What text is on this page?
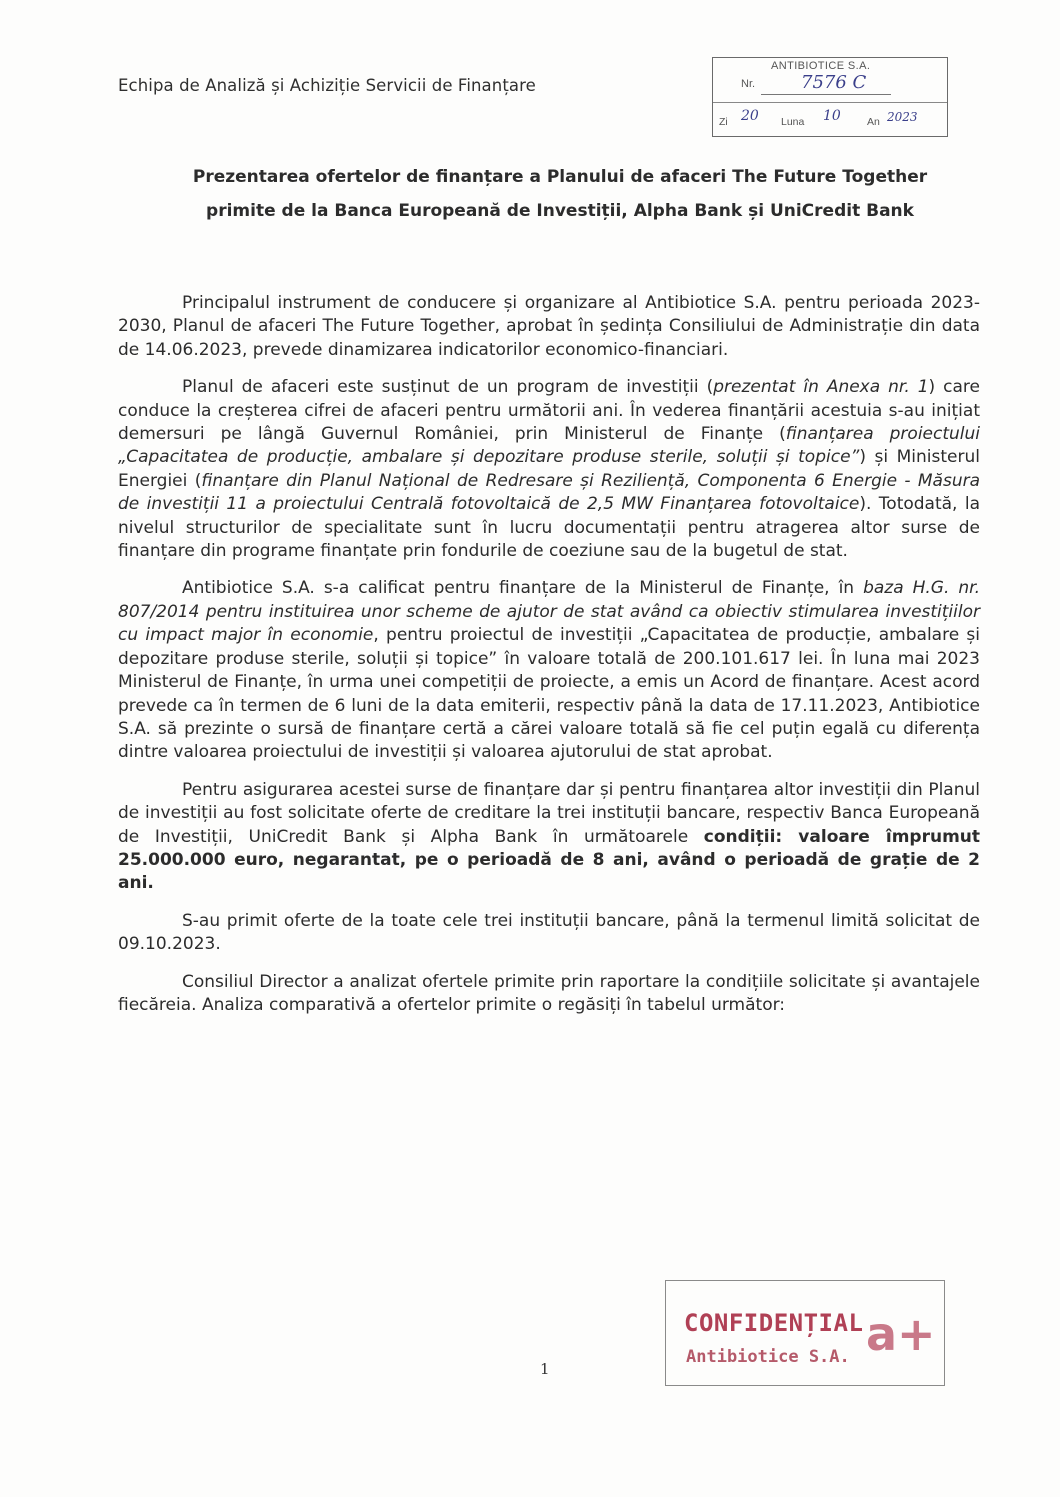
Echipa de Analiză și Achiziție Servicii de Finanțare
ANTIBIOTICE S.A.
Nr.	7576 C
Zi 20 Luna 10 An 2023
Prezentarea ofertelor de finanțare a Planului de afaceri The Future Together
primite de la Banca Europeană de Investiții, Alpha Bank și UniCredit Bank

Principalul instrument de conducere și organizare al Antibiotice S.A. pentru perioada 2023-2030, Planul de afaceri The Future Together, aprobat în ședința Consiliului de Administrație din data de 14.06.2023, prevede dinamizarea indicatorilor economico-financiari.

Planul de afaceri este susținut de un program de investiții (prezentat în Anexa nr. 1) care conduce la creșterea cifrei de afaceri pentru următorii ani. În vederea finanțării acestuia s-au inițiat demersuri pe lângă Guvernul României, prin Ministerul de Finanțe (finanțarea proiectului „Capacitatea de producție, ambalare și depozitare produse sterile, soluții și topice”) și Ministerul Energiei (finanțare din Planul Național de Redresare și Reziliență, Componenta 6 Energie - Măsura de investiții 11 a proiectului Centrală fotovoltaică de 2,5 MW Finanțarea fotovoltaice). Totodată, la nivelul structurilor de specialitate sunt în lucru documentații pentru atragerea altor surse de finanțare din programe finanțate prin fondurile de coeziune sau de la bugetul de stat.

Antibiotice S.A. s-a calificat pentru finanțare de la Ministerul de Finanțe, în baza H.G. nr. 807/2014 pentru instituirea unor scheme de ajutor de stat având ca obiectiv stimularea investițiilor cu impact major în economie, pentru proiectul de investiții „Capacitatea de producție, ambalare și depozitare produse sterile, soluții și topice” în valoare totală de 200.101.617 lei. În luna mai 2023 Ministerul de Finanțe, în urma unei competiții de proiecte, a emis un Acord de finanțare. Acest acord prevede ca în termen de 6 luni de la data emiterii, respectiv până la data de 17.11.2023, Antibiotice S.A. să prezinte o sursă de finanțare certă a cărei valoare totală să fie cel puțin egală cu diferența dintre valoarea proiectului de investiții și valoarea ajutorului de stat aprobat.

Pentru asigurarea acestei surse de finanțare dar și pentru finanțarea altor investiții din Planul de investiții au fost solicitate oferte de creditare la trei instituții bancare, respectiv Banca Europeană de Investiții, UniCredit Bank și Alpha Bank în următoarele condiții: valoare împrumut 25.000.000 euro, negarantat, pe o perioadă de 8 ani, având o perioadă de grație de 2 ani.

S-au primit oferte de la toate cele trei instituții bancare, până la termenul limită solicitat de 09.10.2023.

Consiliul Director a analizat ofertele primite prin raportare la condițiile solicitate și avantajele fiecăreia. Analiza comparativă a ofertelor primite o regăsiți în tabelul următor:

1
CONFIDENȚIAL
Antibiotice S.A. a+
